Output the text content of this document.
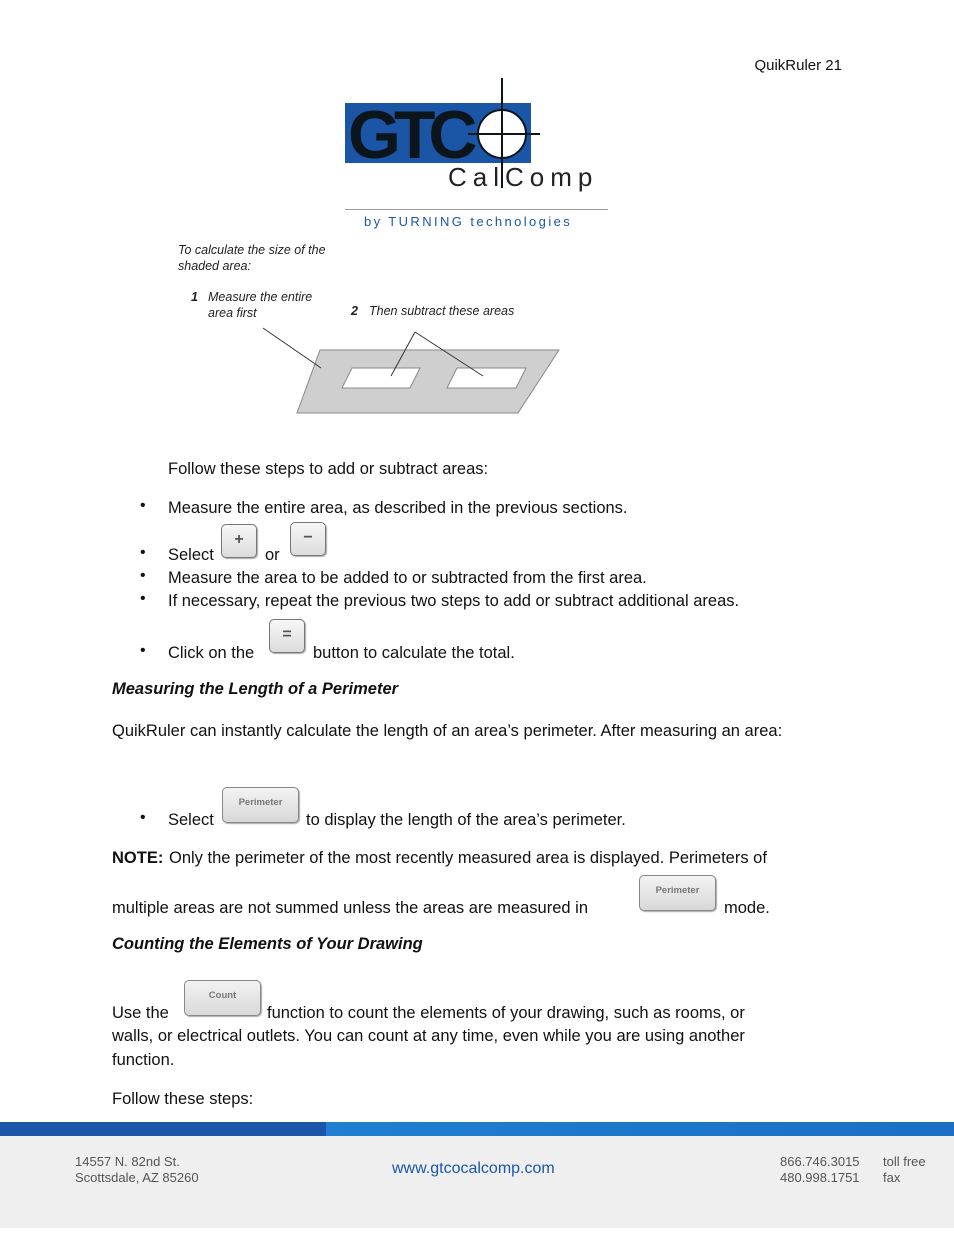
QuikRuler 21
GTC
CalComp
by TURNING technologies
To calculate the size of the shaded area:
1 Measure the entire area first	2 Then subtract these areas
Follow these steps to add or subtract areas:
• Measure the entire area, as described in the previous sections.
• Select
+
or
−
• Measure the area to be added to or subtracted from the first area.
• If necessary, repeat the previous two steps to add or subtract additional areas.
• Click on the
=
button to calculate the total.
Measuring the Length of a Perimeter
QuikRuler can instantly calculate the length of an area’s perimeter. After measuring an area:
• Select
Perimeter
to display the length of the area’s perimeter.
NOTE: Only the perimeter of the most recently measured area is displayed. Perimeters of
multiple areas are not summed unless the areas are measured in
Perimeter
mode.
Counting the Elements of Your Drawing
Use the
Count
function to count the elements of your drawing, such as rooms, or
walls, or electrical outlets. You can count at any time, even while you are using another
function.
Follow these steps:
14557 N. 82nd St.
Scottsdale, AZ 85260
www.gtcocalcomp.com	866.746.3015
480.998.1751
toll free
fax
